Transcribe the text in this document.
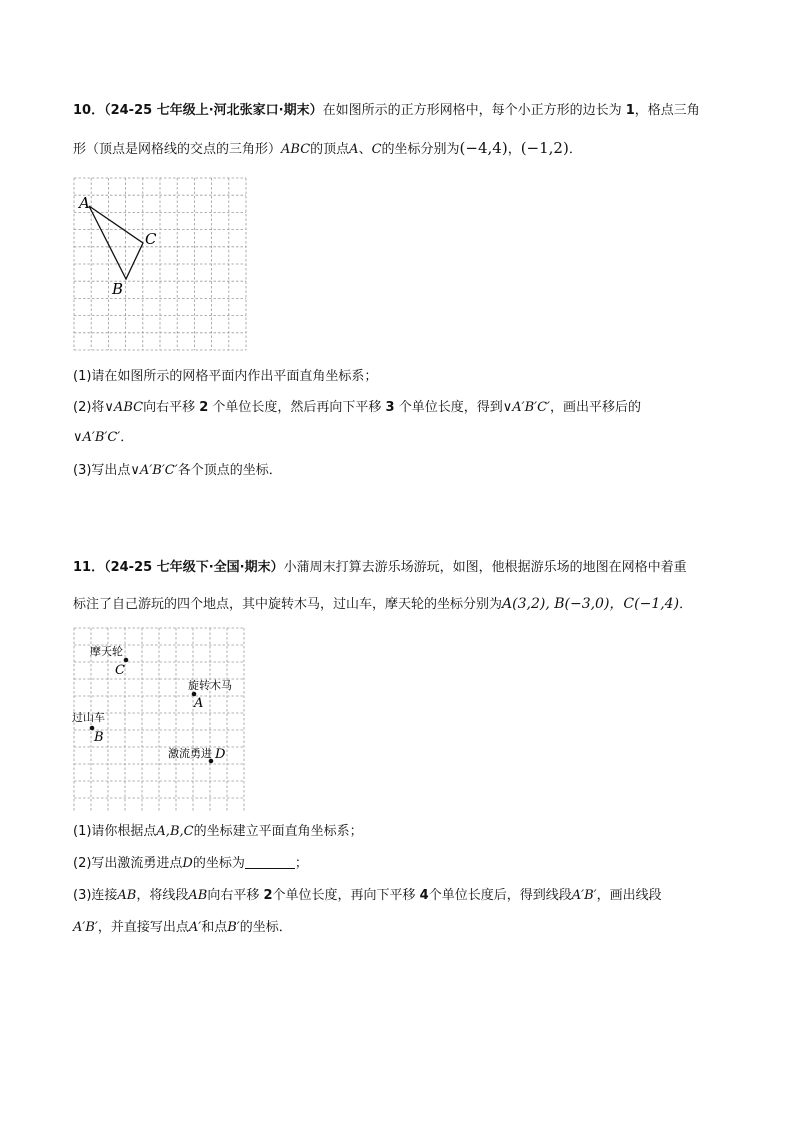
10．（24-25 七年级上·河北张家口·期末）在如图所示的正方形网格中，每个小正方形的边长为 1，格点三角
形（顶点是网格线的交点的三角形）ABC的顶点A、C的坐标分别为(−4,4)，(−1,2)．
A
B
C
(1)请在如图所示的网格平面内作出平面直角坐标系；
(2)将∨ABC向右平移 2 个单位长度，然后再向下平移 3 个单位长度，得到∨A′B′C′，画出平移后的
∨A′B′C′．
(3)写出点∨A′B′C′各个顶点的坐标．
11．（24-25 七年级下·全国·期末）小蒲周末打算去游乐场游玩，如图，他根据游乐场的地图在网格中着重
标注了自己游玩的四个地点，其中旋转木马，过山车，摩天轮的坐标分别为A(3,2), B(−3,0)，C(−1,4)．
摩天轮
C
旋转木马
A
过山车
B
激流勇进 D
(1)请你根据点A,B,C的坐标建立平面直角坐标系；
(2)写出激流勇进点D的坐标为	；
(3)连接AB，将线段AB向右平移 2个单位长度，再向下平移 4个单位长度后，得到线段A′B′，画出线段
A′B′，并直接写出点A′和点B′的坐标．
